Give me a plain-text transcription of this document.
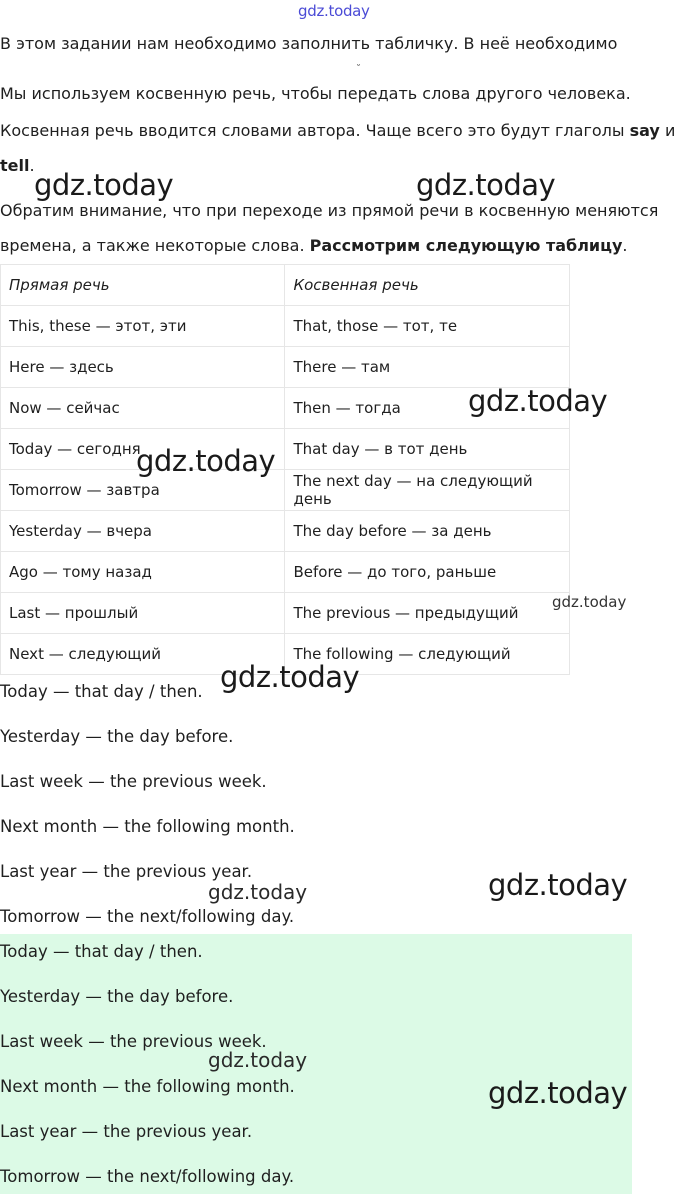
gdz.today
В этом задании нам необходимо заполнить табличку. В неё необходимо
˘
Мы используем косвенную речь, чтобы передать слова другого человека.
Косвенная речь вводится словами автора. Чаще всего это будут глаголы say и
tell.
Обратим внимание, что при переходе из прямой речи в косвенную меняются
времена, а также некоторые слова. Рассмотрим следующую таблицу.
Прямая речь	Косвенная речь
This, these — этот, эти	That, those — тот, те
Here — здесь	There — там
Now — сейчас	Then — тогда
Today — сегодня	That day — в тот день
Tomorrow — завтра	The next day — на следующий день
Yesterday — вчера	The day before — за день
Ago — тому назад	Before — до того, раньше
Last — прошлый	The previous — предыдущий
Next — следующий	The following — следующий
Today — that day / then.
Yesterday — the day before.
Last week — the previous week.
Next month — the following month.
Last year — the previous year.
Tomorrow — the next/following day.
Today — that day / then.
Yesterday — the day before.
Last week — the previous week.
Next month — the following month.
Last year — the previous year.
Tomorrow — the next/following day.
gdz.today	gdz.today
gdz.today
gdz.today
gdz.today
gdz.today
gdz.today	gdz.today
gdz.today
gdz.today
